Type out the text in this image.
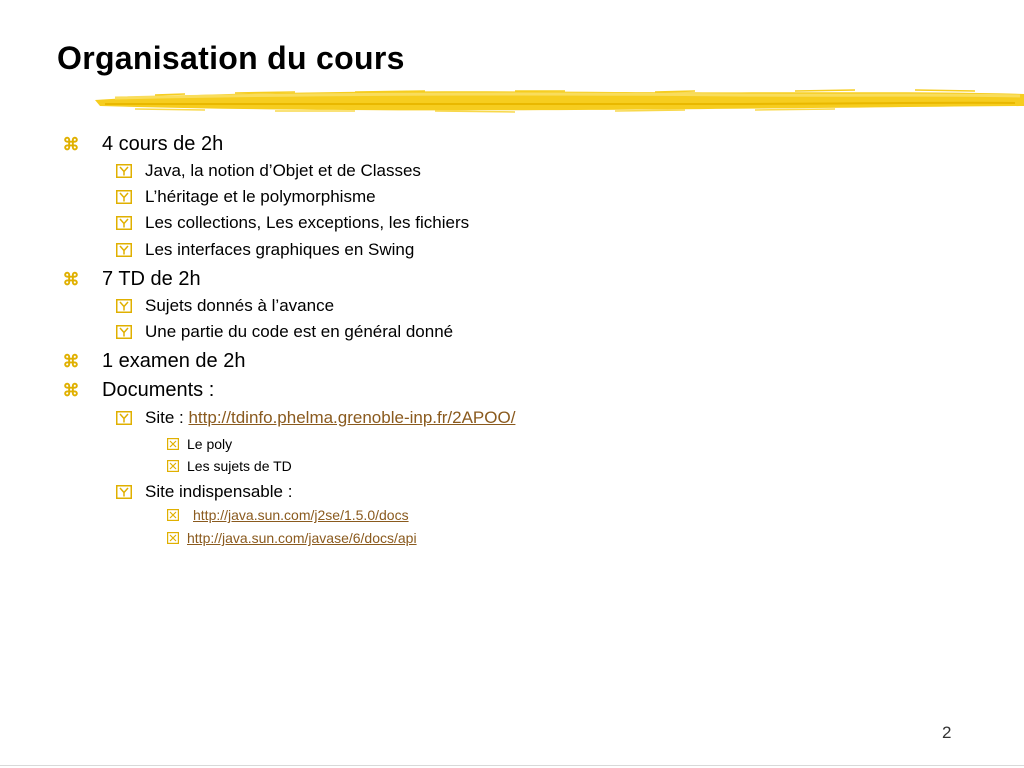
Organisation du cours
⌘ 4 cours de 2h
Java, la notion d’Objet et de Classes
L’héritage et le polymorphisme
Les collections, Les exceptions, les fichiers
Les interfaces graphiques en Swing
⌘ 7 TD de 2h
Sujets donnés à l’avance
Une partie du code est en général donné
⌘ 1 examen de 2h
⌘ Documents :
Site : http://tdinfo.phelma.grenoble-inp.fr/2APOO/
Le poly
Les sujets de TD
Site indispensable :
http://java.sun.com/j2se/1.5.0/docs
http://java.sun.com/javase/6/docs/api
2
